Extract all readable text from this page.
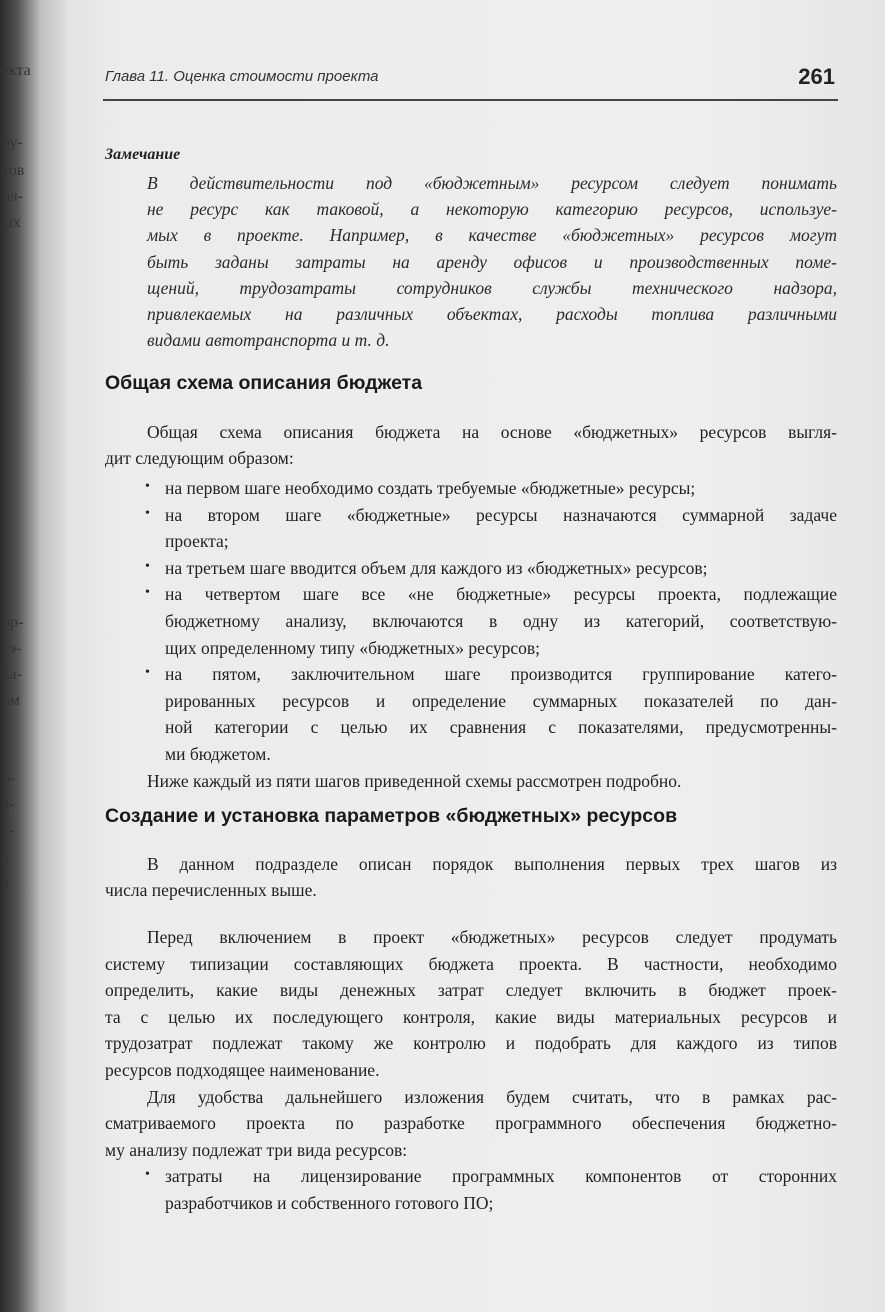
экта
бу-
тов
ол-
ых
ор-
еэ-
ка-
ом
б-
а-
с-
я
я
Глава 11. Оценка стоимости проекта	261
Замечание
В действительности под «бюджетным» ресурсом следует понимать
не ресурс как таковой, а некоторую категорию ресурсов, используе-
мых в проекте. Например, в качестве «бюджетных» ресурсов могут
быть заданы затраты на аренду офисов и производственных поме-
щений, трудозатраты сотрудников службы технического надзора,
привлекаемых на различных объектах, расходы топлива различными
видами автотранспорта и т. д.
Общая схема описания бюджета
Создание и установка параметров «бюджетных» ресурсов
Общая схема описания бюджета на основе «бюджетных» ресурсов выгля-
дит следующим образом:
• на первом шаге необходимо создать требуемые «бюджетные» ресурсы;
• на втором шаге «бюджетные» ресурсы назначаются суммарной задаче
проекта;
• на третьем шаге вводится объем для каждого из «бюджетных» ресурсов;
• на четвертом шаге все «не бюджетные» ресурсы проекта, подлежащие
бюджетному анализу, включаются в одну из категорий, соответствую-
щих определенному типу «бюджетных» ресурсов;
• на пятом, заключительном шаге производится группирование катего-
рированных ресурсов и определение суммарных показателей по дан-
ной категории с целью их сравнения с показателями, предусмотренны-
ми бюджетом.
Ниже каждый из пяти шагов приведенной схемы рассмотрен подробно.
В данном подразделе описан порядок выполнения первых трех шагов из
числа перечисленных выше.
Перед включением в проект «бюджетных» ресурсов следует продумать
систему типизации составляющих бюджета проекта. В частности, необходимо
определить, какие виды денежных затрат следует включить в бюджет проек-
та с целью их последующего контроля, какие виды материальных ресурсов и
трудозатрат подлежат такому же контролю и подобрать для каждого из типов
ресурсов подходящее наименование.
Для удобства дальнейшего изложения будем считать, что в рамках рас-
сматриваемого проекта по разработке программного обеспечения бюджетно-
му анализу подлежат три вида ресурсов:
• затраты на лицензирование программных компонентов от сторонних
разработчиков и собственного готового ПО;
